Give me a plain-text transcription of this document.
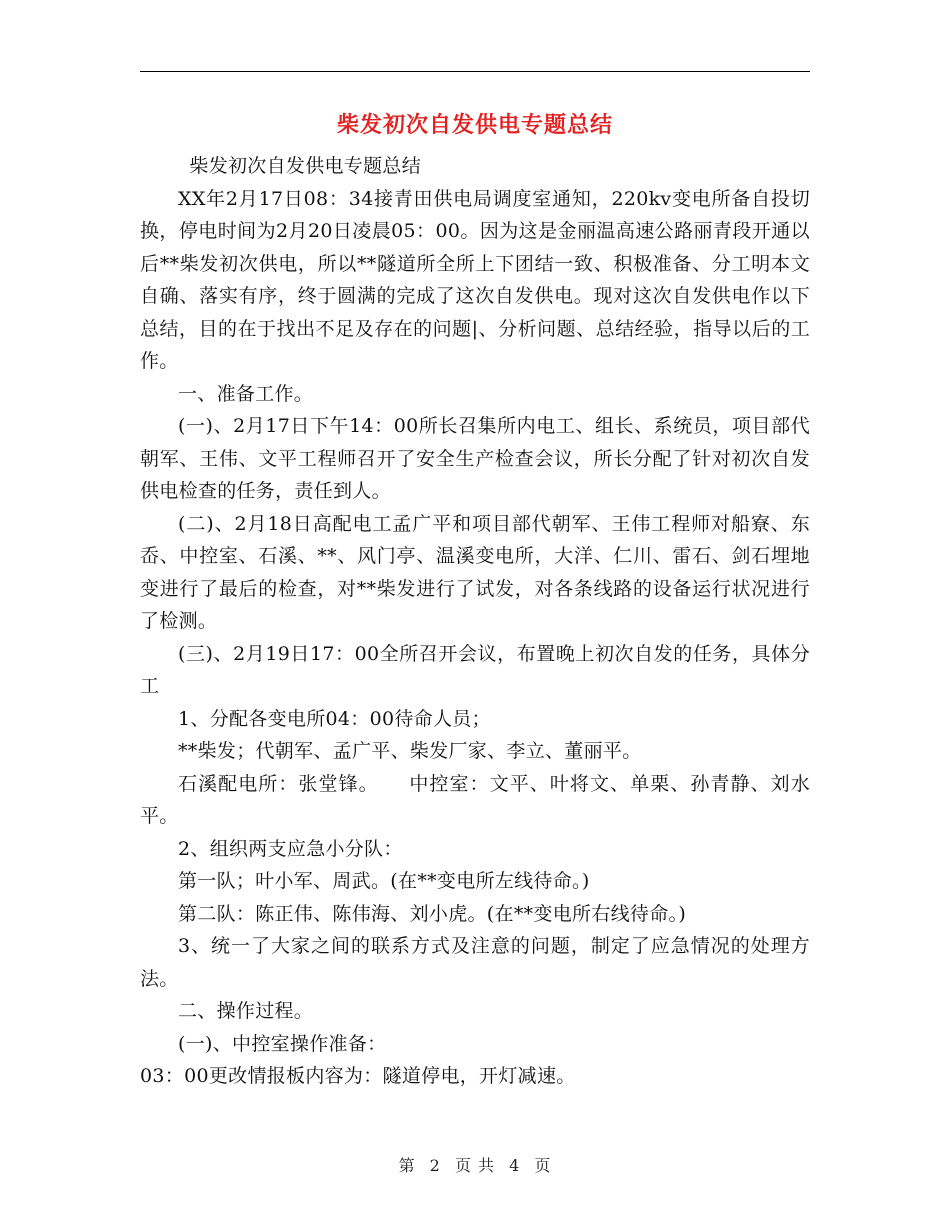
柴发初次自发供电专题总结

柴发初次自发供电专题总结

XX年2月17日08：34接青田供电局调度室通知，220kv变电所备自投切换，停电时间为2月20日凌晨05：00。因为这是金丽温高速公路丽青段开通以后**柴发初次供电，所以**隧道所全所上下团结一致、积极准备、分工明本文自确、落实有序，终于圆满的完成了这次自发供电。现对这次自发供电作以下总结，目的在于找出不足及存在的问题|、分析问题、总结经验，指导以后的工作。

一、准备工作。

(一)、2月17日下午14：00所长召集所内电工、组长、系统员，项目部代朝军、王伟、文平工程师召开了安全生产检查会议，所长分配了针对初次自发供电检查的任务，责任到人。

(二)、2月18日高配电工孟广平和项目部代朝军、王伟工程师对船寮、东岙、中控室、石溪、**、风门亭、温溪变电所，大洋、仁川、雷石、剑石埋地变进行了最后的检查，对**柴发进行了试发，对各条线路的设备运行状况进行了检测。

(三)、2月19日17：00全所召开会议，布置晚上初次自发的任务，具体分工

1、分配各变电所04：00待命人员；

**柴发；代朝军、孟广平、柴发厂家、李立、董丽平。

石溪配电所：张堂锋。　　中控室：文平、叶将文、单栗、孙青静、刘水平。

2、组织两支应急小分队：

第一队；叶小军、周武。(在**变电所左线待命。)

第二队：陈正伟、陈伟海、刘小虎。(在**变电所右线待命。)

3、统一了大家之间的联系方式及注意的问题，制定了应急情况的处理方法。

二、操作过程。

(一)、中控室操作准备：

03：00更改情报板内容为：隧道停电，开灯减速。

第 2 页 共 4 页
